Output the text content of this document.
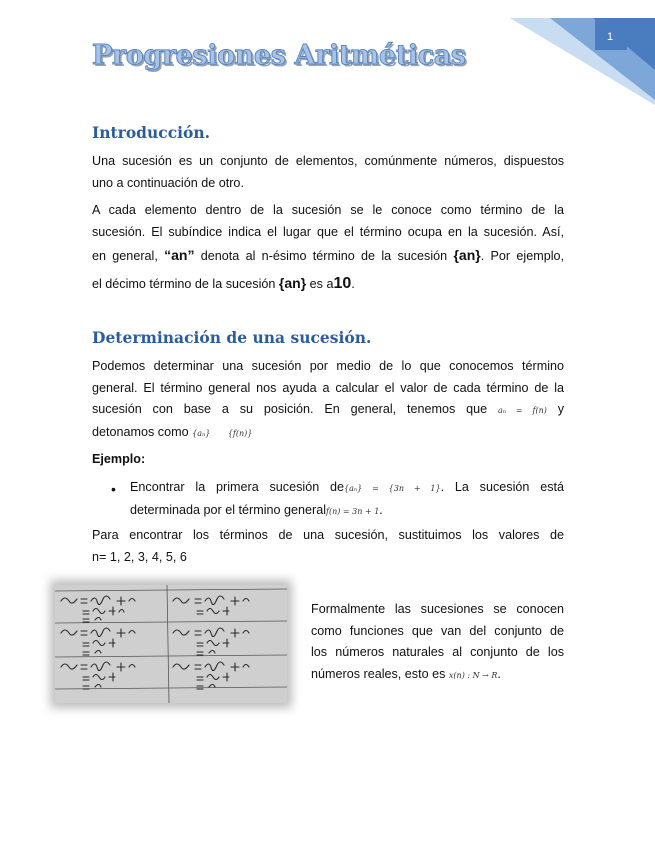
1
Progresiones Aritméticas
Introducción.
Una sucesión es un conjunto de elementos, comúnmente números, dispuestos
uno a continuación de otro.
A cada elemento dentro de la sucesión se le conoce como término de la
sucesión. El subíndice indica el lugar que el término ocupa en la sucesión. Así,
en general, “an” denota al n-ésimo término de la sucesión {an}. Por ejemplo,
el décimo término de la sucesión {an} es a10.
Determinación de una sucesión.
Podemos determinar una sucesión por medio de lo que conocemos término
general. El término general nos ayuda a calcular el valor de cada término de la
sucesión con base a su posición. En general, tenemos que aₙ = f(n) y
detonamos como {aₙ} {f(n)}
Ejemplo:
• Encontrar la primera sucesión de{aₙ} = {3n + 1}. La sucesión está
determinada por el término generalf(n) = 3n + 1.
Para encontrar los términos de una sucesión, sustituimos los valores de
n= 1, 2, 3, 4, 5, 6
Formalmente las sucesiones se conocen
como funciones que van del conjunto de
los números naturales al conjunto de los
números reales, esto es x(n) : N → R.
